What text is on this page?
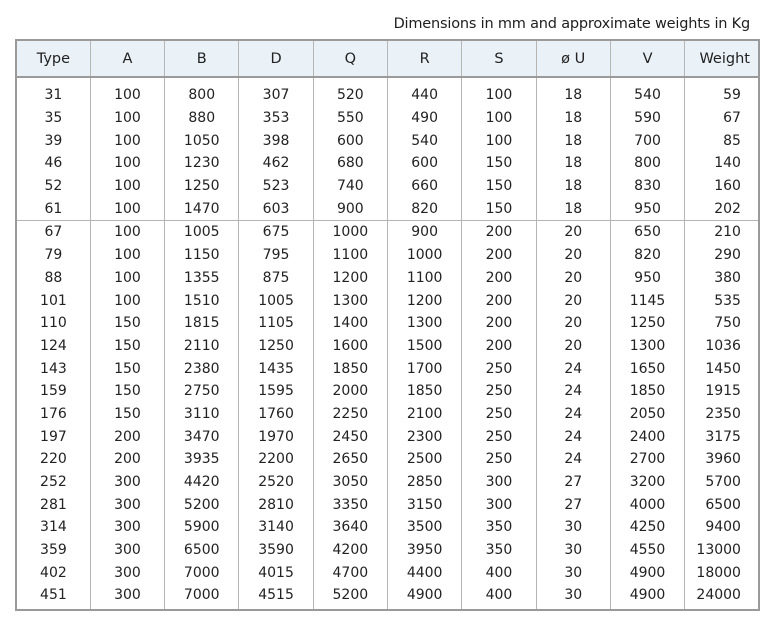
Dimensions in mm and approximate weights in Kg
Type	A	B	D	Q	R	S	ø U	V	Weight

31	100	800	307	520	440	100	18	540	59
35	100	880	353	550	490	100	18	590	67
39	100	1050	398	600	540	100	18	700	85
46	100	1230	462	680	600	150	18	800	140
52	100	1250	523	740	660	150	18	830	160
61	100	1470	603	900	820	150	18	950	202
67	100	1005	675	1000	900	200	20	650	210
79	100	1150	795	1100	1000	200	20	820	290
88	100	1355	875	1200	1100	200	20	950	380
101	100	1510	1005	1300	1200	200	20	1145	535
110	150	1815	1105	1400	1300	200	20	1250	750
124	150	2110	1250	1600	1500	200	20	1300	1036
143	150	2380	1435	1850	1700	250	24	1650	1450
159	150	2750	1595	2000	1850	250	24	1850	1915
176	150	3110	1760	2250	2100	250	24	2050	2350
197	200	3470	1970	2450	2300	250	24	2400	3175
220	200	3935	2200	2650	2500	250	24	2700	3960
252	300	4420	2520	3050	2850	300	27	3200	5700
281	300	5200	2810	3350	3150	300	27	4000	6500
314	300	5900	3140	3640	3500	350	30	4250	9400
359	300	6500	3590	4200	3950	350	30	4550	13000
402	300	7000	4015	4700	4400	400	30	4900	18000
451	300	7000	4515	5200	4900	400	30	4900	24000
